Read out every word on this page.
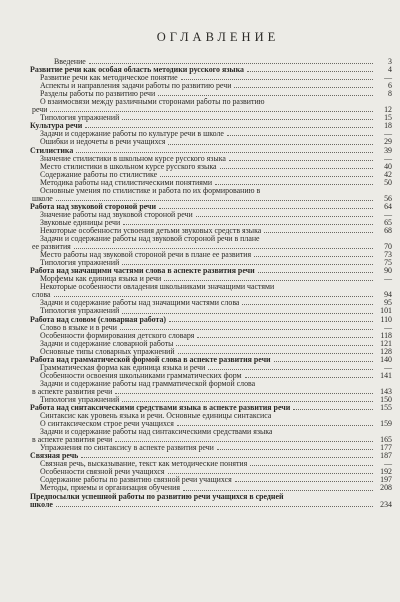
ОГЛАВЛЕНИЕ
Введение	3
Развитие речи как особая область методики русского языка	4
Развитие речи как методическое понятие	—
Аспекты и направления задачи работы по развитию речи	6
Разделы работы по развитию речи	8
О взаимосвязи между различными сторонами работы по развитию
речи	12
Типология упражнений	15
Культура речи	18
Задачи и содержание работы по культуре речи в школе	—
Ошибки и недочеты в речи учащихся	29
Стилистика	39
Значение стилистики в школьном курсе русского языка	—
Место стилистики в школьном курсе русского языка	40
Содержание работы по стилистике	42
Методика работы над стилистическими понятиями	50
Основные умения по стилистике и работа по их формированию в
школе	56
Работа над звуковой стороной речи	64
Значение работы над звуковой стороной речи	—
Звуковые единицы речи	65
Некоторые особенности усвоения детьми звуковых средств языка	68
Задачи и содержание работы над звуковой стороной речи в плане
ее развития	70
Место работы над звуковой стороной речи в плане ее развития	73
Типология упражнений	75
Работа над значащими частями слова в аспекте развития речи	90
Морфемы как единица языка и речи	—
Некоторые особенности овладения школьниками значащими частями
слова	94
Задачи и содержание работы над значащими частями слова	95
Типология упражнений	101
Работа над словом (словарная работа)	110
Слово в языке и в речи	—
Особенности формирования детского словаря	118
Задачи и содержание словарной работы	121
Основные типы словарных упражнений	128
Работа над грамматической формой слова в аспекте развития речи	140
Грамматическая форма как единица языка и речи	—
Особенности освоения школьниками грамматических форм	141
Задачи и содержание работы над грамматической формой слова
в аспекте развития речи	143
Типология упражнений	150
Работа над синтаксическими средствами языка в аспекте развития речи	155
Синтаксис как уровень языка и речи. Основные единицы синтаксиса
О синтаксическом строе речи учащихся	159
Задачи и содержание работы над синтаксическими средствами языка
в аспекте развития речи	165
Упражнения по синтаксису в аспекте развития речи	177
Связная речь	187
Связная речь, высказывание, текст как методические понятия	—
Особенности связной речи учащихся	192
Содержание работы по развитию связной речи учащихся	197
Методы, приемы и организация обучения	208
Предпосылки успешной работы по развитию речи учащихся в средней
школе	234
